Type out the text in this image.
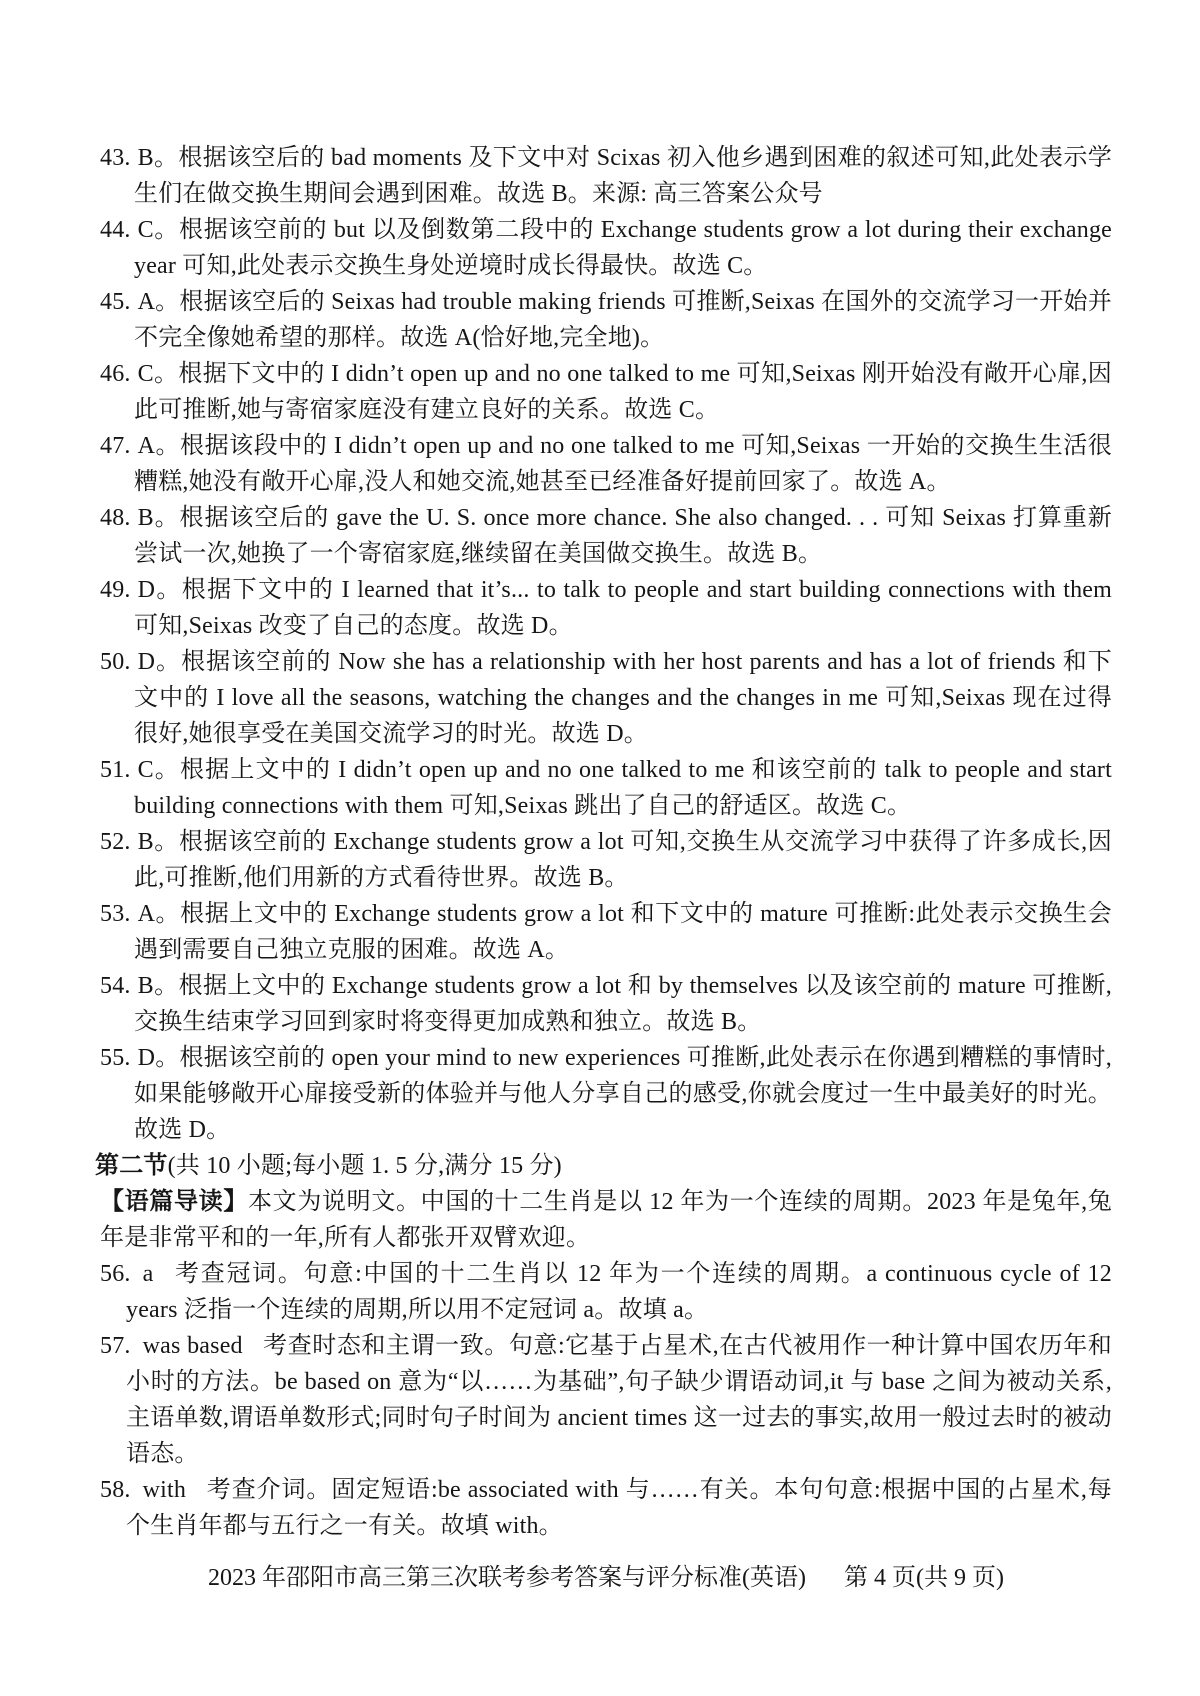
43. B。根据该空后的 bad moments 及下文中对 Scixas 初入他乡遇到困难的叙述可知,此处表示学生们在做交换生期间会遇到困难。故选 B。来源: 高三答案公众号

44. C。根据该空前的 but 以及倒数第二段中的 Exchange students grow a lot during their exchange year 可知,此处表示交换生身处逆境时成长得最快。故选 C。

45. A。根据该空后的 Seixas had trouble making friends 可推断,Seixas 在国外的交流学习一开始并不完全像她希望的那样。故选 A(恰好地,完全地)。

46. C。根据下文中的 I didn’t open up and no one talked to me 可知,Seixas 刚开始没有敞开心扉,因此可推断,她与寄宿家庭没有建立良好的关系。故选 C。

47. A。根据该段中的 I didn’t open up and no one talked to me 可知,Seixas 一开始的交换生生活很糟糕,她没有敞开心扉,没人和她交流,她甚至已经准备好提前回家了。故选 A。

48. B。根据该空后的 gave the U. S. once more chance. She also changed. . . 可知 Seixas 打算重新尝试一次,她换了一个寄宿家庭,继续留在美国做交换生。故选 B。

49. D。根据下文中的 I learned that it’s... to talk to people and start building connections with them 可知,Seixas 改变了自己的态度。故选 D。

50. D。根据该空前的 Now she has a relationship with her host parents and has a lot of friends 和下文中的 I love all the seasons, watching the changes and the changes in me 可知,Seixas 现在过得很好,她很享受在美国交流学习的时光。故选 D。

51. C。根据上文中的 I didn’t open up and no one talked to me 和该空前的 talk to people and start building connections with them 可知,Seixas 跳出了自己的舒适区。故选 C。

52. B。根据该空前的 Exchange students grow a lot 可知,交换生从交流学习中获得了许多成长,因此,可推断,他们用新的方式看待世界。故选 B。

53. A。根据上文中的 Exchange students grow a lot 和下文中的 mature 可推断:此处表示交换生会遇到需要自己独立克服的困难。故选 A。

54. B。根据上文中的 Exchange students grow a lot 和 by themselves 以及该空前的 mature 可推断,交换生结束学习回到家时将变得更加成熟和独立。故选 B。

55. D。根据该空前的 open your mind to new experiences 可推断,此处表示在你遇到糟糕的事情时,如果能够敞开心扉接受新的体验并与他人分享自己的感受,你就会度过一生中最美好的时光。故选 D。

第二节(共 10 小题;每小题 1. 5 分,满分 15 分)

【语篇导读】本文为说明文。中国的十二生肖是以 12 年为一个连续的周期。2023 年是兔年,兔年是非常平和的一年,所有人都张开双臂欢迎。

56. a 考查冠词。句意:中国的十二生肖以 12 年为一个连续的周期。a continuous cycle of 12 years 泛指一个连续的周期,所以用不定冠词 a。故填 a。

57. was based 考查时态和主谓一致。句意:它基于占星术,在古代被用作一种计算中国农历年和 小时的方法。be based on 意为“以……为基础”,句子缺少谓语动词,it 与 base 之间为被动关系,主语单数,谓语单数形式;同时句子时间为 ancient times 这一过去的事实,故用一般过去时的被动语态。

58. with 考查介词。固定短语:be associated with 与……有关。本句句意:根据中国的占星术,每个生肖年都与五行之一有关。故填 with。

2023 年邵阳市高三第三次联考参考答案与评分标准(英语) 第 4 页(共 9 页)
